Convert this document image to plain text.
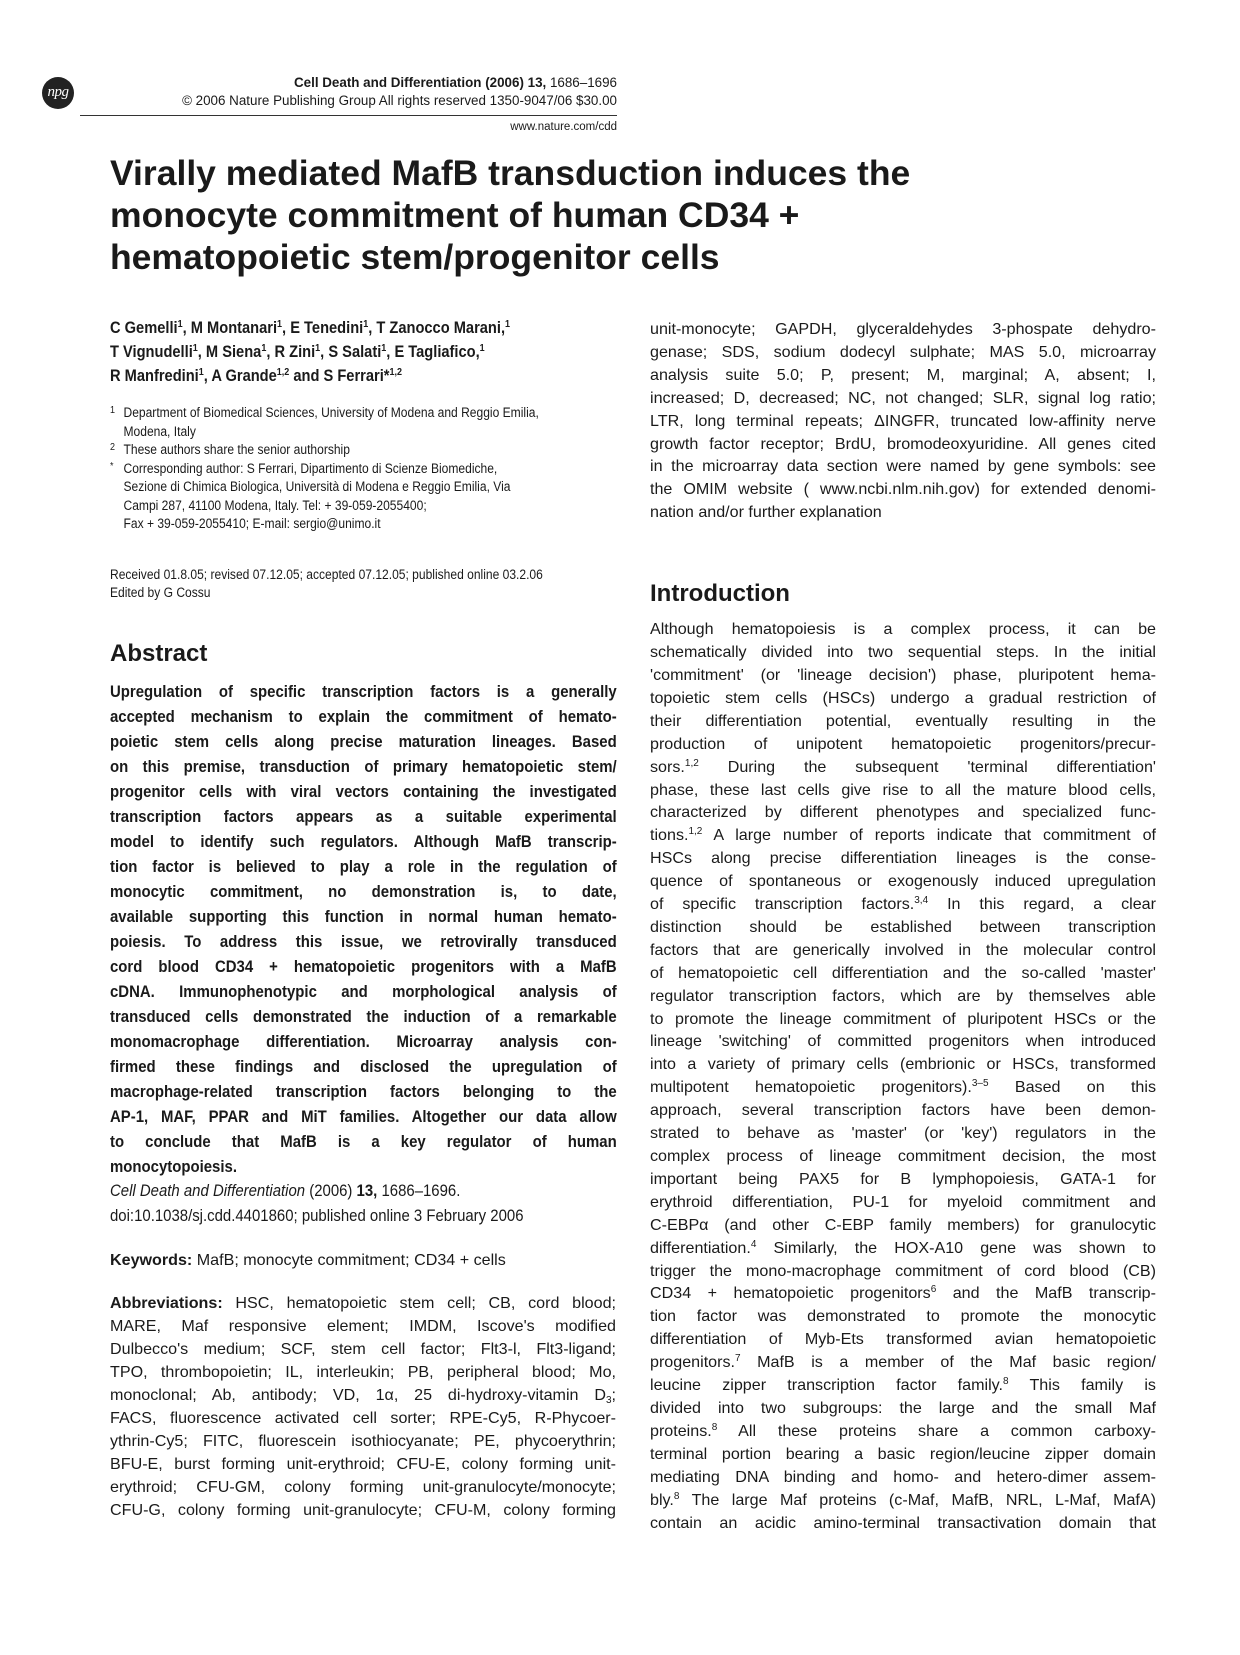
npg
Cell Death and Differentiation (2006) 13, 1686–1696
© 2006 Nature Publishing Group All rights reserved 1350-9047/06 $30.00
www.nature.com/cdd
Virally mediated MafB transduction induces the
monocyte commitment of human CD34 +
hematopoietic stem/progenitor cells
C Gemelli$^1$, M Montanari$^1$, E Tenedini$^1$, T Zanocco Marani,$^1$
T Vignudelli$^1$, M Siena$^1$, R Zini$^1$, S Salati$^1$, E Tagliafico,$^1$
R Manfredini$^1$, A Grande$^{1,2}$ and S Ferrari*$^{1,2}$
1 Department of Biomedical Sciences, University of Modena and Reggio Emilia,
Modena, Italy
2 These authors share the senior authorship
* Corresponding author: S Ferrari, Dipartimento di Scienze Biomediche,
Sezione di Chimica Biologica, Università di Modena e Reggio Emilia, Via
Campi 287, 41100 Modena, Italy. Tel: + 39-059-2055400;
Fax + 39-059-2055410; E-mail: sergio@unimo.it
Received 01.8.05; revised 07.12.05; accepted 07.12.05; published online 03.2.06
Edited by G Cossu
Abstract
Upregulation of specific transcription factors is a generally
accepted mechanism to explain the commitment of hemato-
poietic stem cells along precise maturation lineages. Based
on this premise, transduction of primary hematopoietic stem/
progenitor cells with viral vectors containing the investigated
transcription factors appears as a suitable experimental
model to identify such regulators. Although MafB transcrip-
tion factor is believed to play a role in the regulation of
monocytic commitment, no demonstration is, to date,
available supporting this function in normal human hemato-
poiesis. To address this issue, we retrovirally transduced
cord blood CD34 + hematopoietic progenitors with a MafB
cDNA. Immunophenotypic and morphological analysis of
transduced cells demonstrated the induction of a remarkable
monomacrophage differentiation. Microarray analysis con-
firmed these findings and disclosed the upregulation of
macrophage-related transcription factors belonging to the
AP-1, MAF, PPAR and MiT families. Altogether our data allow
to conclude that MafB is a key regulator of human
monocytopoiesis.
Cell Death and Differentiation (2006) 13, 1686–1696.
doi:10.1038/sj.cdd.4401860; published online 3 February 2006
Keywords: MafB; monocyte commitment; CD34 + cells
Abbreviations: HSC, hematopoietic stem cell; CB, cord blood;
MARE, Maf responsive element; IMDM, Iscove's modified
Dulbecco's medium; SCF, stem cell factor; Flt3-l, Flt3-ligand;
TPO, thrombopoietin; IL, interleukin; PB, peripheral blood; Mo,
monoclonal; Ab, antibody; VD, 1α, 25 di-hydroxy-vitamin $D_3$;
FACS, fluorescence activated cell sorter; RPE-Cy5, R-Phycoer-
ythrin-Cy5; FITC, fluorescein isothiocyanate; PE, phycoerythrin;
BFU-E, burst forming unit-erythroid; CFU-E, colony forming unit-
erythroid; CFU-GM, colony forming unit-granulocyte/monocyte;
CFU-G, colony forming unit-granulocyte; CFU-M, colony forming
unit-monocyte; GAPDH, glyceraldehydes 3-phospate dehydro-
genase; SDS, sodium dodecyl sulphate; MAS 5.0, microarray
analysis suite 5.0; P, present; M, marginal; A, absent; I,
increased; D, decreased; NC, not changed; SLR, signal log ratio;
LTR, long terminal repeats; ΔINGFR, truncated low-affinity nerve
growth factor receptor; BrdU, bromodeoxyuridine. All genes cited
in the microarray data section were named by gene symbols: see
the OMIM website ( www.ncbi.nlm.nih.gov) for extended denomi-
nation and/or further explanation
Introduction
Although hematopoiesis is a complex process, it can be
schematically divided into two sequential steps. In the initial
'commitment' (or 'lineage decision') phase, pluripotent hema-
topoietic stem cells (HSCs) undergo a gradual restriction of
their differentiation potential, eventually resulting in the
production of unipotent hematopoietic progenitors/precur-
sors.$^{1,2}$ During the subsequent 'terminal differentiation'
phase, these last cells give rise to all the mature blood cells,
characterized by different phenotypes and specialized func-
tions.$^{1,2}$ A large number of reports indicate that commitment of
HSCs along precise differentiation lineages is the conse-
quence of spontaneous or exogenously induced upregulation
of specific transcription factors.$^{3,4}$ In this regard, a clear
distinction should be established between transcription
factors that are generically involved in the molecular control
of hematopoietic cell differentiation and the so-called 'master'
regulator transcription factors, which are by themselves able
to promote the lineage commitment of pluripotent HSCs or the
lineage 'switching' of committed progenitors when introduced
into a variety of primary cells (embrionic or HSCs, transformed
multipotent hematopoietic progenitors).$^{3-5}$ Based on this
approach, several transcription factors have been demon-
strated to behave as 'master' (or 'key') regulators in the
complex process of lineage commitment decision, the most
important being PAX5 for B lymphopoiesis, GATA-1 for
erythroid differentiation, PU-1 for myeloid commitment and
C-EBPα (and other C-EBP family members) for granulocytic
differentiation.$^4$ Similarly, the HOX-A10 gene was shown to
trigger the mono-macrophage commitment of cord blood (CB)
CD34 + hematopoietic progenitors$^6$ and the MafB transcrip-
tion factor was demonstrated to promote the monocytic
differentiation of Myb-Ets transformed avian hematopoietic
progenitors.$^7$ MafB is a member of the Maf basic region/
leucine zipper transcription factor family.$^8$ This family is
divided into two subgroups: the large and the small Maf
proteins.$^8$ All these proteins share a common carboxy-
terminal portion bearing a basic region/leucine zipper domain
mediating DNA binding and homo- and hetero-dimer assem-
bly.$^8$ The large Maf proteins (c-Maf, MafB, NRL, L-Maf, MafA)
contain an acidic amino-terminal transactivation domain that
